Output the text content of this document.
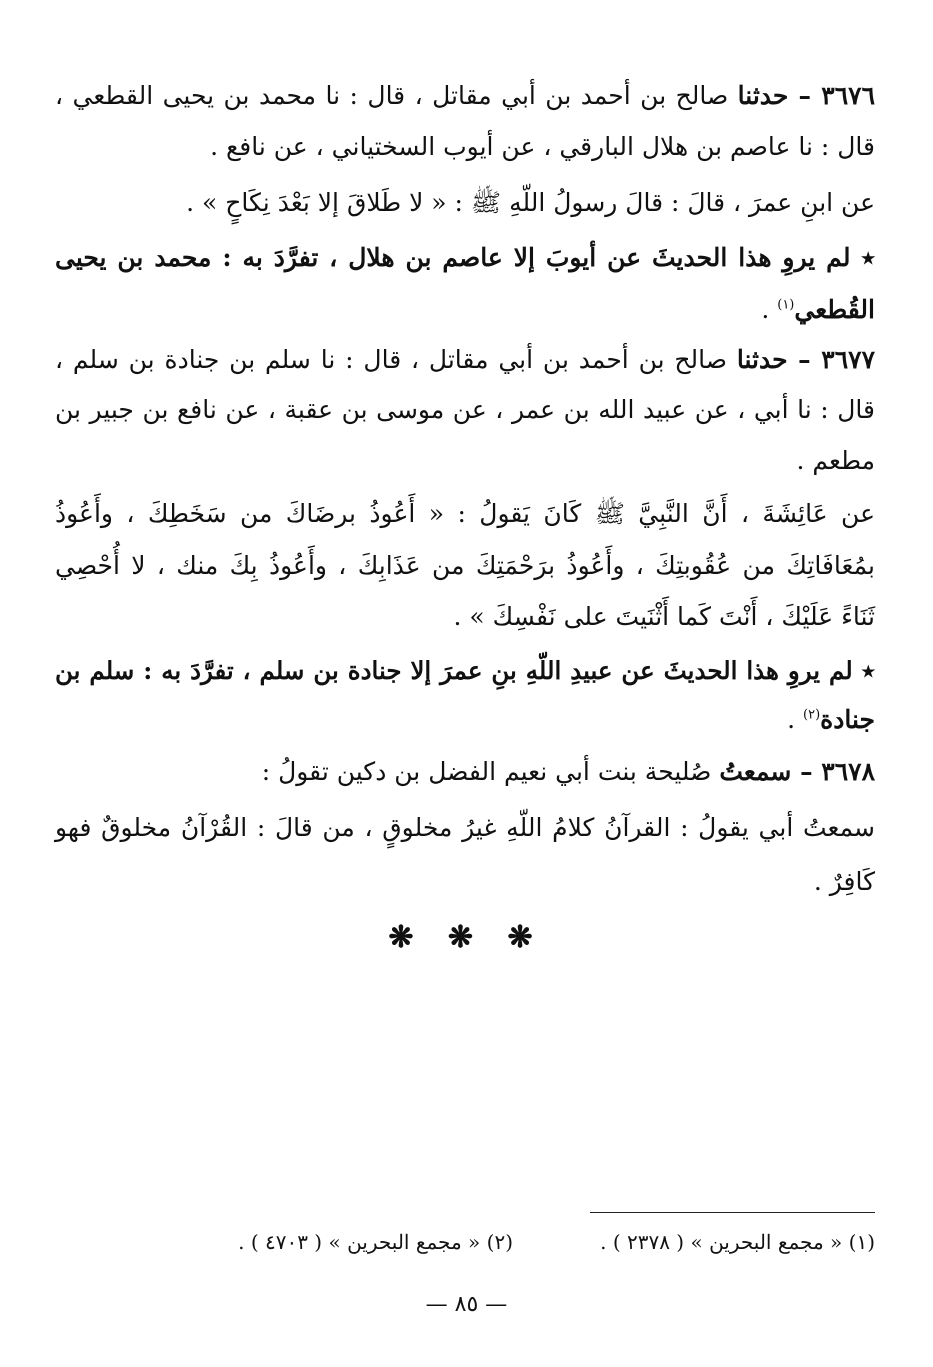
٣٦٧٦ – حدثنا صالح بن أحمد بن أبي مقاتل ، قال : نا محمد بن يحيى القطعي ،
قال : نا عاصم بن هلال البارقي ، عن أيوب السختياني ، عن نافع .
عن ابنِ عمرَ ، قالَ : قالَ رسولُ اللّهِ ﷺ : « لا طَلاقَ إلا بَعْدَ نِكَاحٍ » .
٭ لم يروِ هذا الحديثَ عن أيوبَ إلا عاصم بن هلال ، تفرَّدَ به : محمد بن يحيى
القُطعي$^{(١)}$ .
٣٦٧٧ – حدثنا صالح بن أحمد بن أبي مقاتل ، قال : نا سلم بن جنادة بن سلم ،
قال : نا أبي ، عن عبيد الله بن عمر ، عن موسى بن عقبة ، عن نافع بن جبير بن
مطعم .
عن عَائِشَةَ ، أَنَّ النَّبِيَّ ﷺ كَانَ يَقولُ : « أَعُوذُ برضَاكَ من سَخَطِكَ ، وأَعُوذُ
بمُعَافَاتِكَ من عُقُوبتِكَ ، وأَعُوذُ برَحْمَتِكَ من عَذَابِكَ ، وأَعُوذُ بِكَ منك ، لا أُحْصِي
ثَنَاءً عَلَيْكَ ، أَنْتَ كَما أَثْنَيتَ على نَفْسِكَ » .
٭ لم يروِ هذا الحديثَ عن عبيدِ اللّهِ بنِ عمرَ إلا جنادة بن سلم ، تفرَّدَ به : سلم بن
جنادة$^{(٢)}$ .
٣٦٧٨ – سمعتُ صُليحة بنت أبي نعيم الفضل بن دكين تقولُ :
سمعتُ أبي يقولُ : القرآنُ كلامُ اللّهِ غيرُ مخلوقٍ ، من قالَ : القُرْآنُ مخلوقٌ فهو
كَافِرٌ .
❋ ❋ ❋
(١) « مجمع البحرين » ( ٢٣٧٨ ) .
(٢) « مجمع البحرين » ( ٤٧٠٣ ) .
— ٨٥ —
